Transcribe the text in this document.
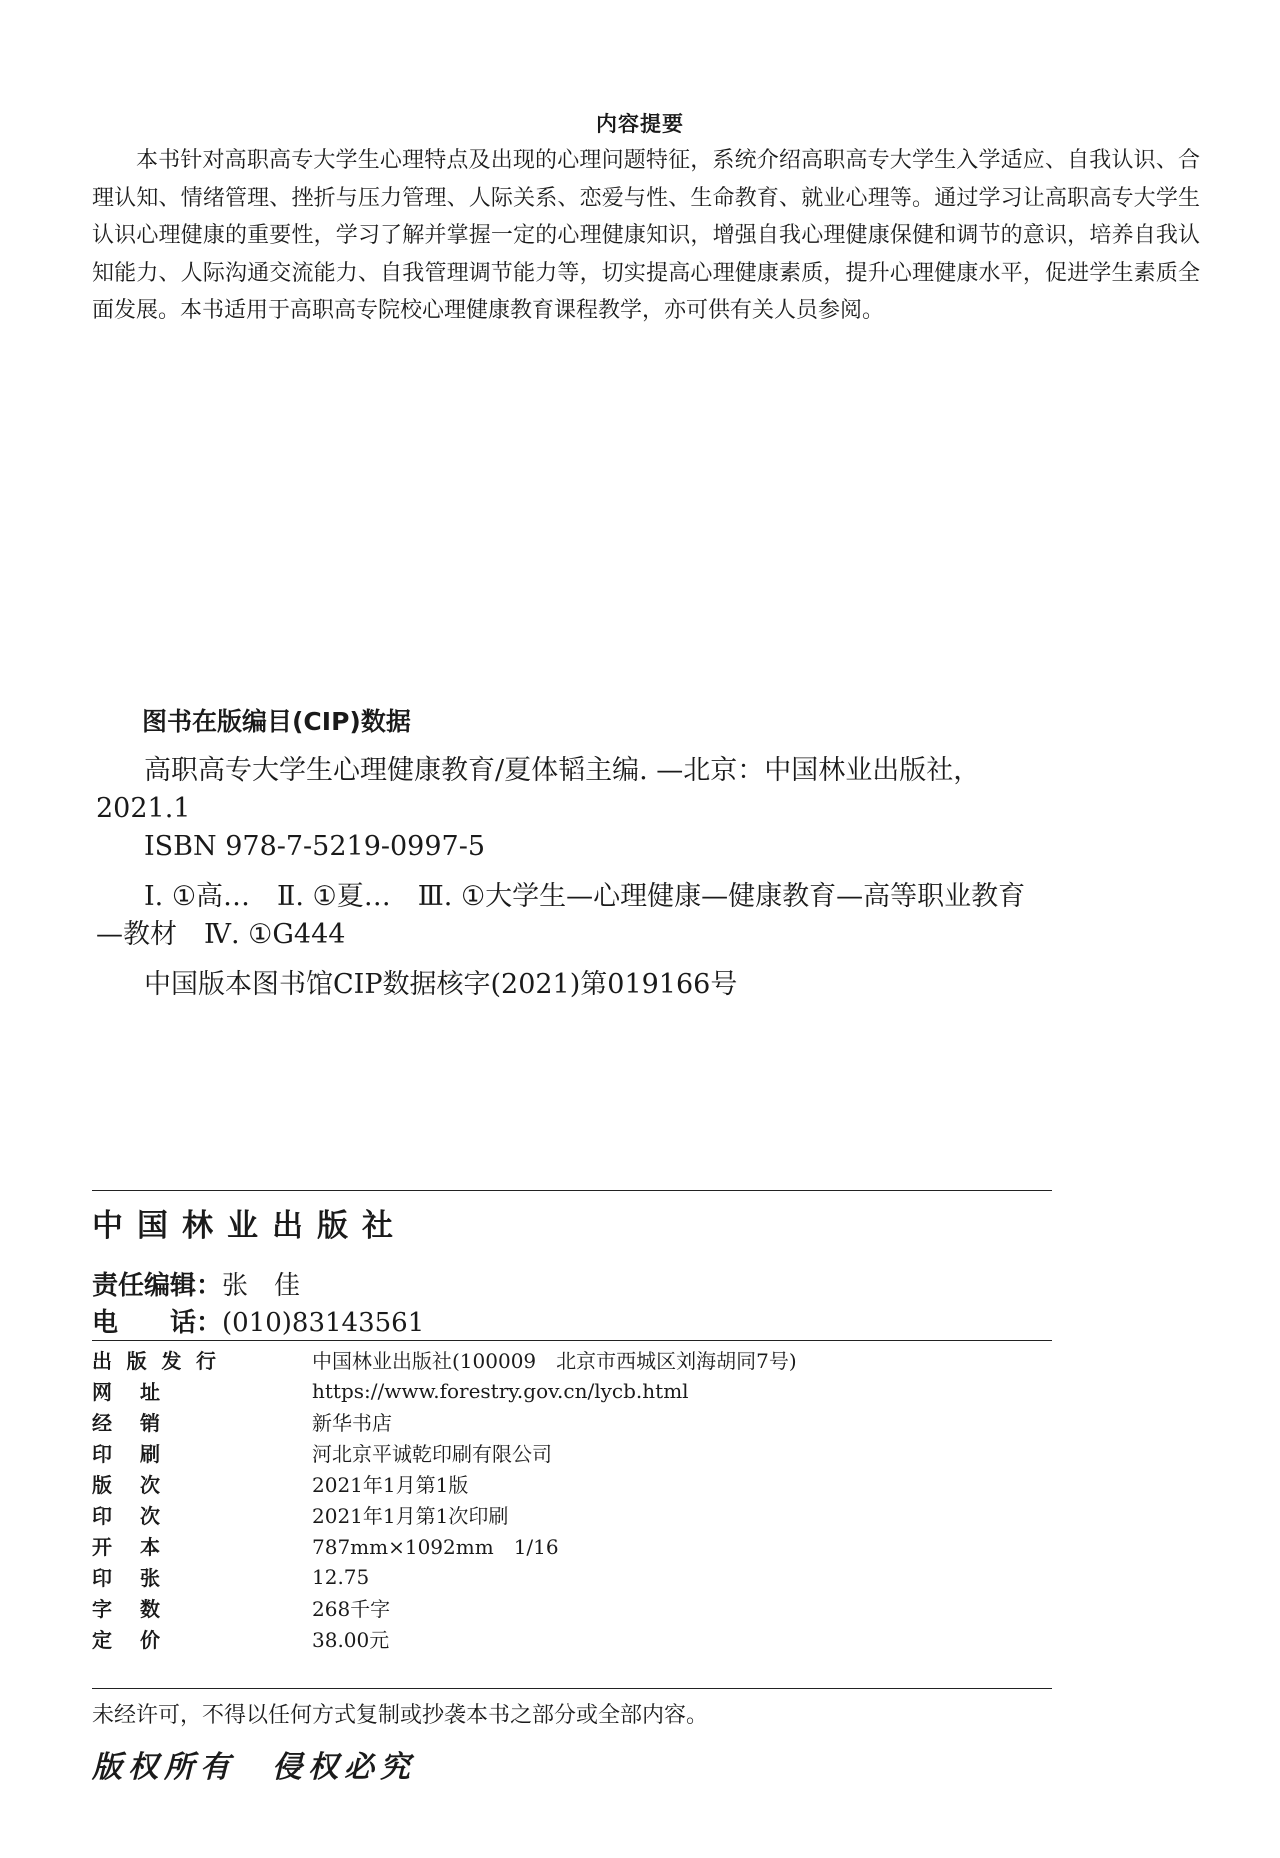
内容提要

本书针对高职高专大学生心理特点及出现的心理问题特征，系统介绍高职高专大学生入学适应、自我认识、合理认知、情绪管理、挫折与压力管理、人际关系、恋爱与性、生命教育、就业心理等。通过学习让高职高专大学生认识心理健康的重要性，学习了解并掌握一定的心理健康知识，增强自我心理健康保健和调节的意识，培养自我认知能力、人际沟通交流能力、自我管理调节能力等，切实提高心理健康素质，提升心理健康水平，促进学生素质全面发展。本书适用于高职高专院校心理健康教育课程教学，亦可供有关人员参阅。

图书在版编目(CIP)数据

高职高专大学生心理健康教育/夏体韬主编. —北京：中国林业出版社，2021.1

ISBN 978-7-5219-0997-5

Ⅰ. ①高…　Ⅱ. ①夏…　Ⅲ. ①大学生—心理健康—健康教育—高等职业教育—教材　Ⅳ. ①G444

中国版本图书馆CIP数据核字(2021)第019166号

中国林业出版社
责任编辑：张　佳
电　　话：(010)83143561
出 版 发 行	中国林业出版社(100009　北京市西城区刘海胡同7号)
网 址	https://www.forestry.gov.cn/lycb.html
经 销	新华书店
印 刷	河北京平诚乾印刷有限公司
版 次	2021年1月第1版
印 次	2021年1月第1次印刷
开 本	787mm×1092mm　1/16
印 张	12.75
字 数	268千字
定 价	38.00元
未经许可，不得以任何方式复制或抄袭本书之部分或全部内容。
版权所有 侵权必究
